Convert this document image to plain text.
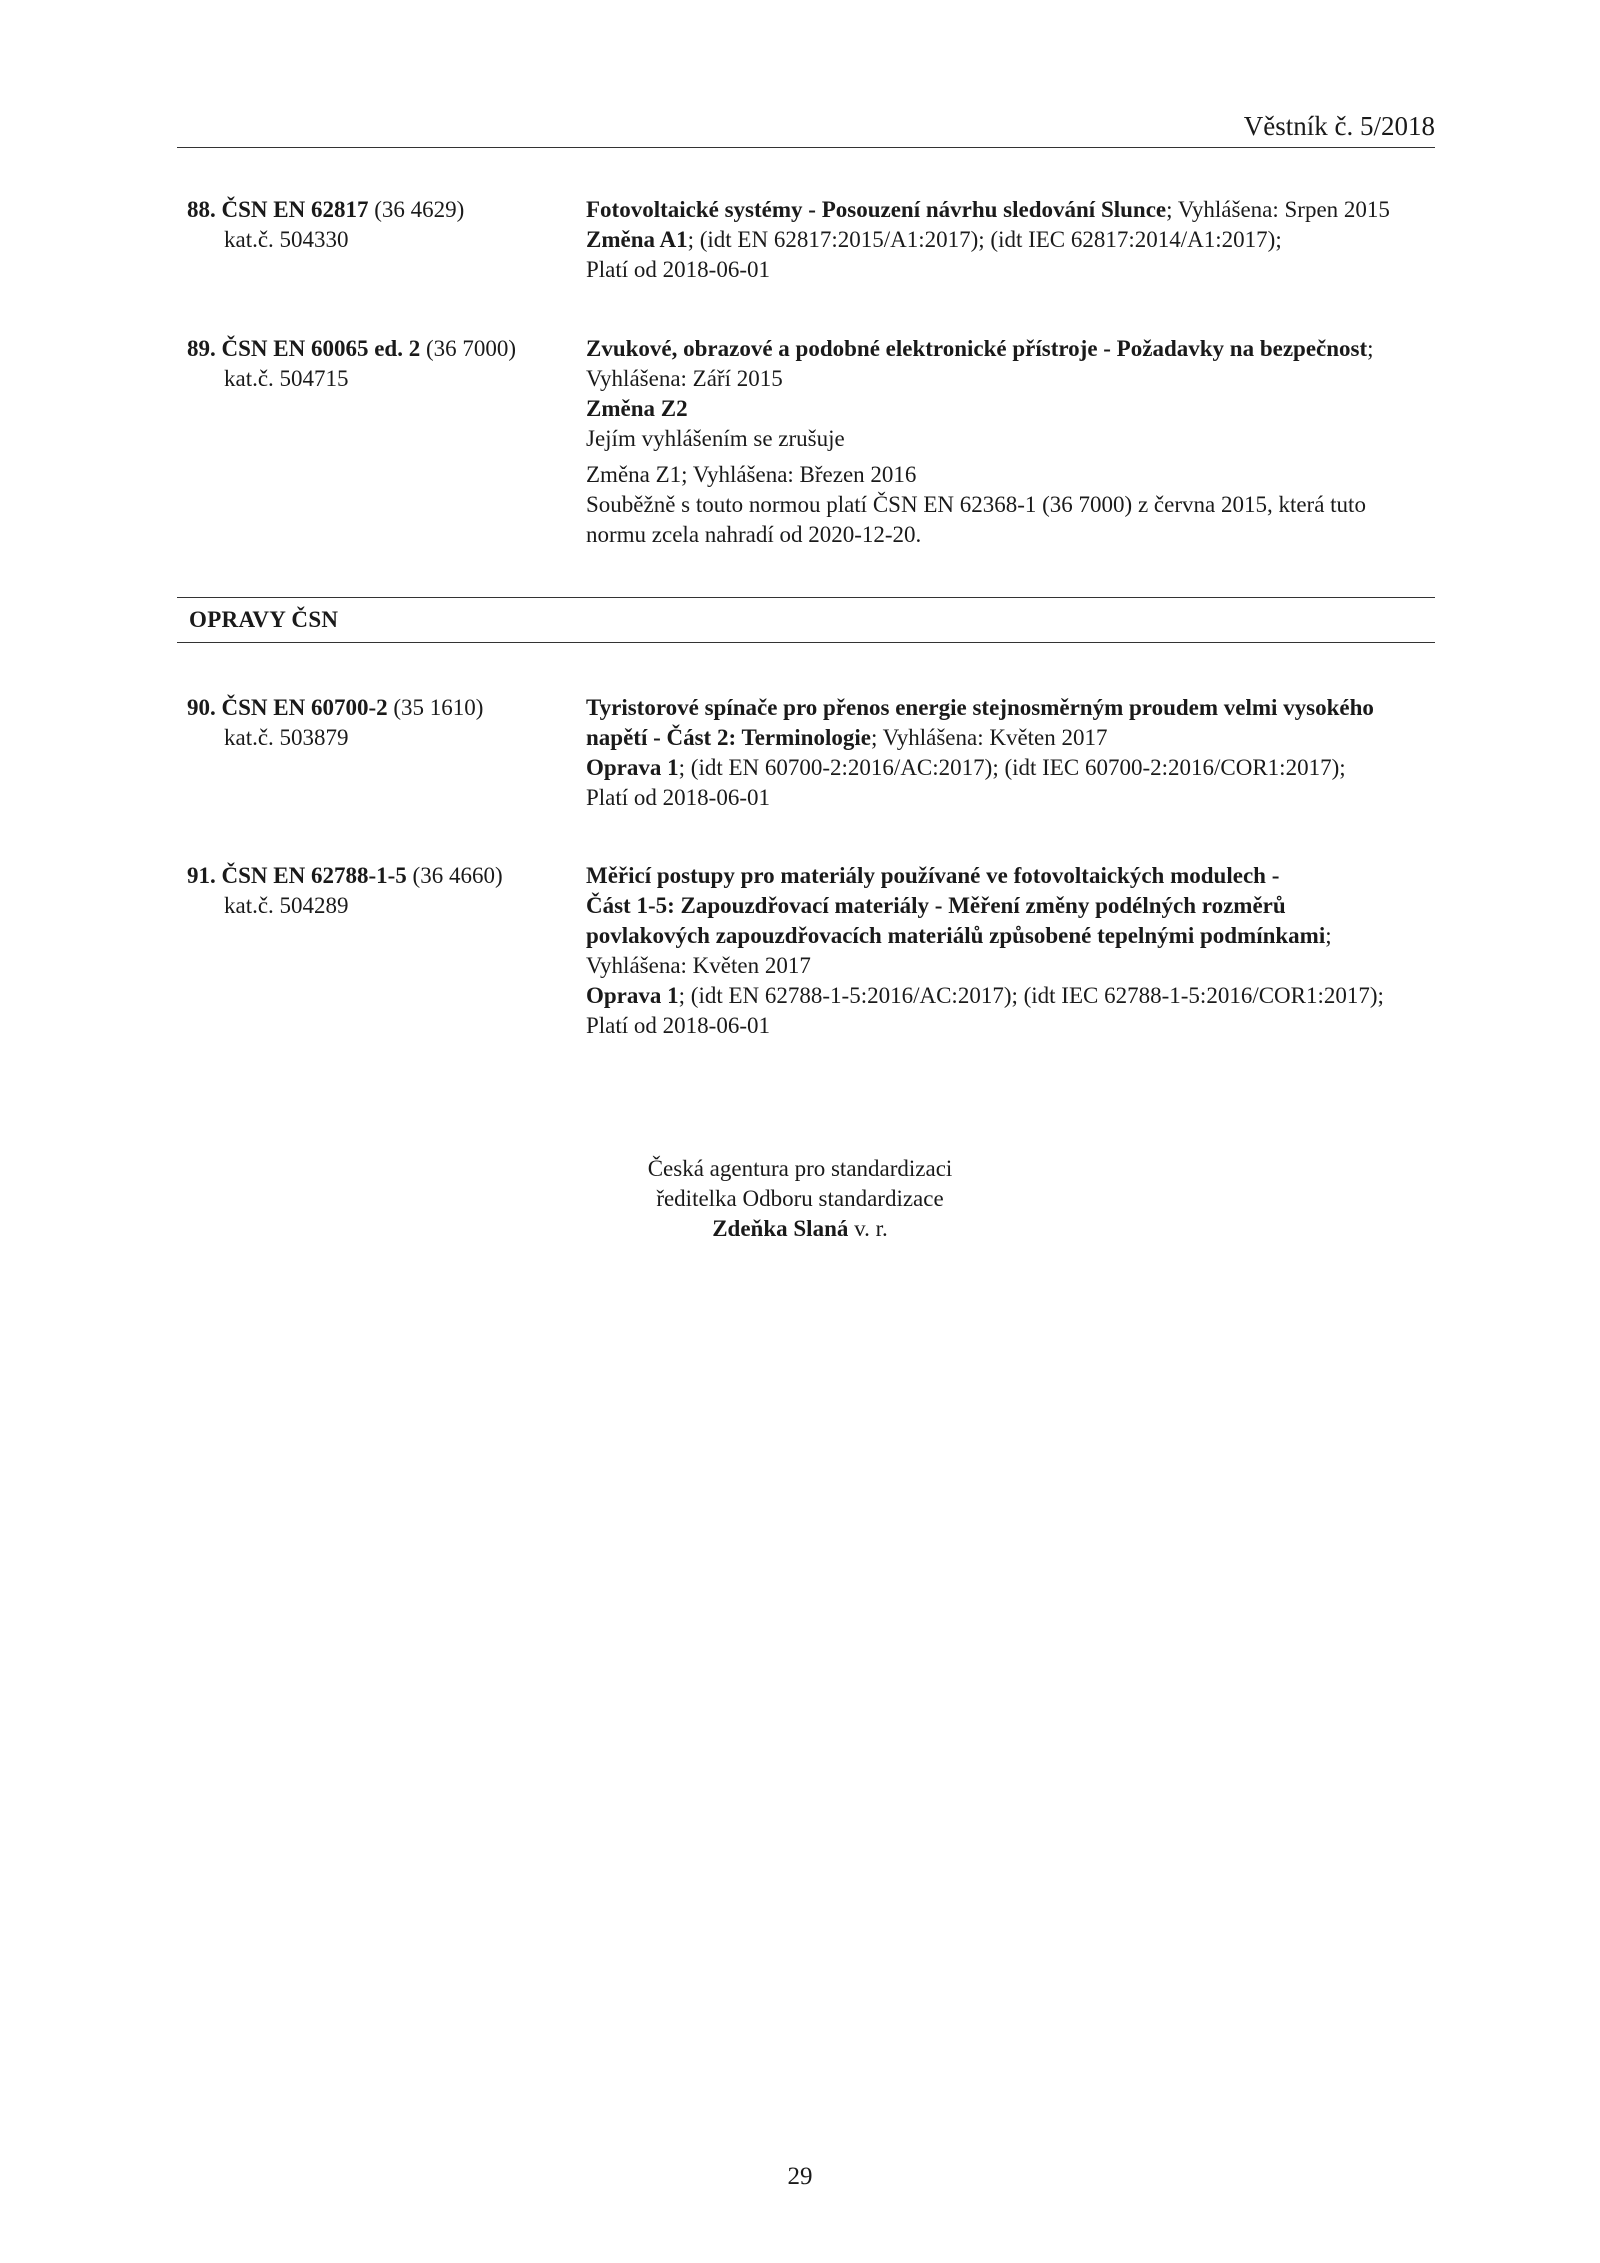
Věstník č. 5/2018
88. ČSN EN 62817 (36 4629)
kat.č. 504330

Fotovoltaické systémy - Posouzení návrhu sledování Slunce; Vyhlášena: Srpen 2015

Změna A1; (idt EN 62817:2015/A1:2017); (idt IEC 62817:2014/A1:2017);

Platí od 2018-06-01

89. ČSN EN 60065 ed. 2 (36 7000)
kat.č. 504715

Zvukové, obrazové a podobné elektronické přístroje - Požadavky na bezpečnost;

Vyhlášena: Září 2015

Změna Z2

Jejím vyhlášením se zrušuje

Změna Z1; Vyhlášena: Březen 2016

Souběžně s touto normou platí ČSN EN 62368-1 (36 7000) z června 2015, která tuto

normu zcela nahradí od 2020-12-20.

OPRAVY ČSN
90. ČSN EN 60700-2 (35 1610)
kat.č. 503879

Tyristorové spínače pro přenos energie stejnosměrným proudem velmi vysokého

napětí - Část 2: Terminologie; Vyhlášena: Květen 2017

Oprava 1; (idt EN 60700-2:2016/AC:2017); (idt IEC 60700-2:2016/COR1:2017);

Platí od 2018-06-01

91. ČSN EN 62788-1-5 (36 4660)
kat.č. 504289

Měřicí postupy pro materiály používané ve fotovoltaických modulech -

Část 1-5: Zapouzdřovací materiály - Měření změny podélných rozměrů

povlakových zapouzdřovacích materiálů způsobené tepelnými podmínkami;

Vyhlášena: Květen 2017

Oprava 1; (idt EN 62788-1-5:2016/AC:2017); (idt IEC 62788-1-5:2016/COR1:2017);

Platí od 2018-06-01

Česká agentura pro standardizaci
ředitelka Odboru standardizace
Zdeňka Slaná v. r.
29
